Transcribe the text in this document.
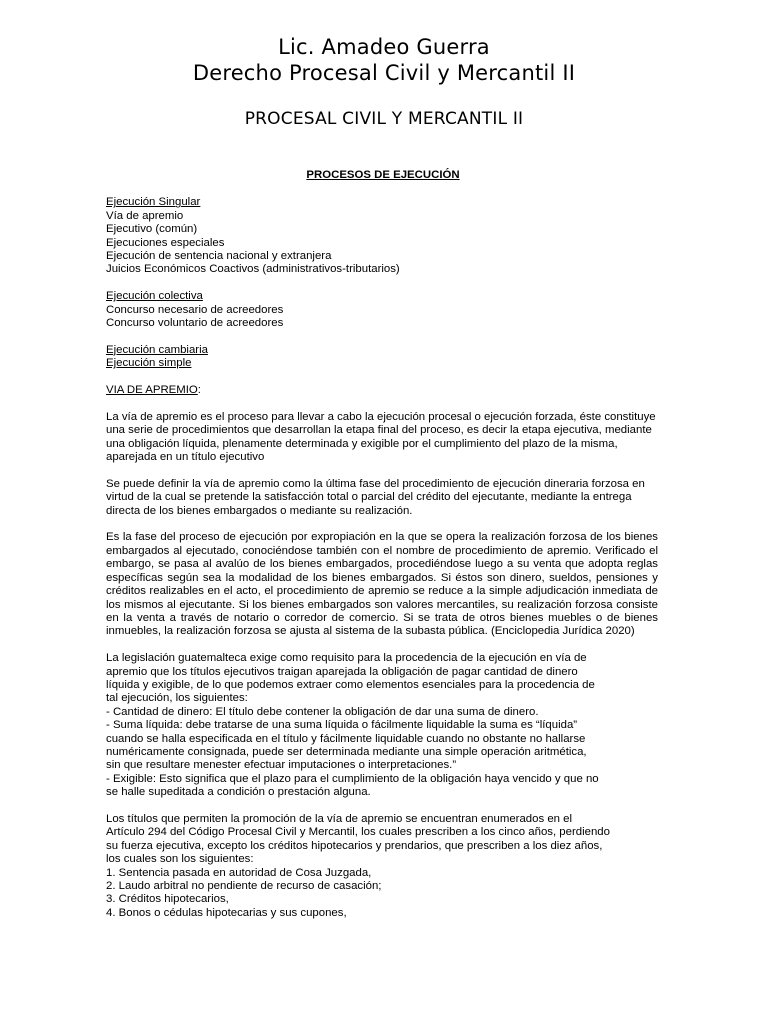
Lic. Amadeo Guerra
Derecho Procesal Civil y Mercantil II
PROCESAL CIVIL Y MERCANTIL II
PROCESOS DE EJECUCIÓN
Ejecución Singular
Vía de apremio
Ejecutivo (común)
Ejecuciones especiales
Ejecución de sentencia nacional y extranjera
Juicios Económicos Coactivos (administrativos-tributarios)
Ejecución colectiva
Concurso necesario de acreedores
Concurso voluntario de acreedores
Ejecución cambiaria
Ejecución simple
VIA DE APREMIO:

La vía de apremio es el proceso para llevar a cabo la ejecución procesal o ejecución forzada, éste constituye una serie de procedimientos que desarrollan la etapa final del proceso, es decir la etapa ejecutiva, mediante una obligación líquida, plenamente determinada y exigible por el cumplimiento del plazo de la misma, aparejada en un título ejecutivo

Se puede definir la vía de apremio como la última fase del procedimiento de ejecución dineraria forzosa en virtud de la cual se pretende la satisfacción total o parcial del crédito del ejecutante, mediante la entrega directa de los bienes embargados o mediante su realización.

Es la fase del proceso de ejecución por expropiación en la que se opera la realización forzosa de los bienes embargados al ejecutado, conociéndose también con el nombre de procedimiento de apremio. Verificado el embargo, se pasa al avalúo de los bienes embargados, procediéndose luego a su venta que adopta reglas específicas según sea la modalidad de los bienes embargados. Si éstos son dinero, sueldos, pensiones y créditos realizables en el acto, el procedimiento de apremio se reduce a la simple adjudicación inmediata de los mismos al ejecutante. Si los bienes embargados son valores mercantiles, su realización forzosa consiste en la venta a través de notario o corredor de comercio. Si se trata de otros bienes muebles o de bienes inmuebles, la realización forzosa se ajusta al sistema de la subasta pública. (Enciclopedia Jurídica 2020)

La legislación guatemalteca exige como requisito para la procedencia de la ejecución en vía de
apremio que los títulos ejecutivos traigan aparejada la obligación de pagar cantidad de dinero
líquida y exigible, de lo que podemos extraer como elementos esenciales para la procedencia de
tal ejecución, los siguientes:
- Cantidad de dinero: El título debe contener la obligación de dar una suma de dinero.
- Suma líquida: debe tratarse de una suma líquida o fácilmente liquidable la suma es “líquida”
cuando se halla especificada en el título y fácilmente liquidable cuando no obstante no hallarse
numéricamente consignada, puede ser determinada mediante una simple operación aritmética,
sin que resultare menester efectuar imputaciones o interpretaciones.”
- Exigible: Esto significa que el plazo para el cumplimiento de la obligación haya vencido y que no
se halle supeditada a condición o prestación alguna.
Los títulos que permiten la promoción de la vía de apremio se encuentran enumerados en el
Artículo 294 del Código Procesal Civil y Mercantil, los cuales prescriben a los cinco años, perdiendo
su fuerza ejecutiva, excepto los créditos hipotecarios y prendarios, que prescriben a los diez años,
los cuales son los siguientes:
1. Sentencia pasada en autoridad de Cosa Juzgada,
2. Laudo arbitral no pendiente de recurso de casación;
3. Créditos hipotecarios,
4. Bonos o cédulas hipotecarias y sus cupones,
